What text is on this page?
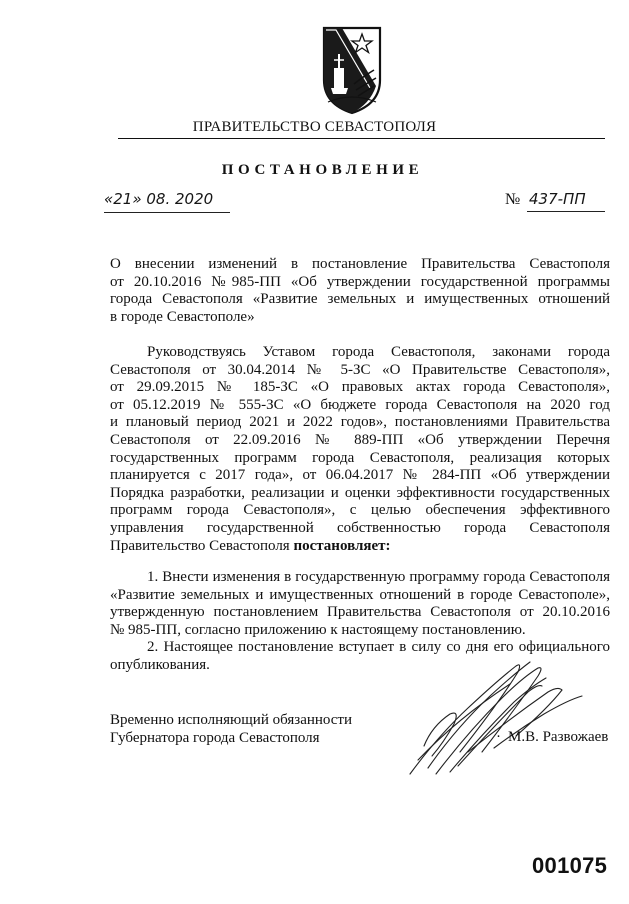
ПРАВИТЕЛЬСТВО СЕВАСТОПОЛЯ
ПОСТАНОВЛЕНИЕ
«21» 08. 2020	№ 437-ПП
О внесении изменений в постановление Правительства Севастополя
от 20.10.2016 №985-ПП «Об утверждении государственной программы
города Севастополя «Развитие земельных и имущественных отношений
в городе Севастополе»
Руководствуясь Уставом города Севастополя, законами города
Севастополя от 30.04.2014 № 5-ЗС «О Правительстве Севастополя»,
от 29.09.2015 № 185-ЗС «О правовых актах города Севастополя»,
от 05.12.2019 № 555-ЗС «О бюджете города Севастополя на 2020 год
и плановый период 2021 и 2022 годов», постановлениями Правительства
Севастополя от 22.09.2016 № 889-ПП «Об утверждении Перечня
государственных программ города Севастополя, реализация которых
планируется с 2017 года», от 06.04.2017 № 284-ПП «Об утверждении
Порядка разработки, реализации и оценки эффективности государственных
программ города Севастополя», с целью обеспечения эффективного
управления государственной собственностью города Севастополя
Правительство Севастополя постановляет:
1. Внести изменения в государственную программу города Севастополя
«Развитие земельных и имущественных отношений в городе Севастополе»,
утвержденную постановлением Правительства Севастополя от 20.10.2016
№ 985-ПП, согласно приложению к настоящему постановлению.
2. Настоящее постановление вступает в силу со дня его официального
опубликования.
Временно исполняющий обязанности
Губернатора города Севастополя	· М.В. Развожаев
001075
